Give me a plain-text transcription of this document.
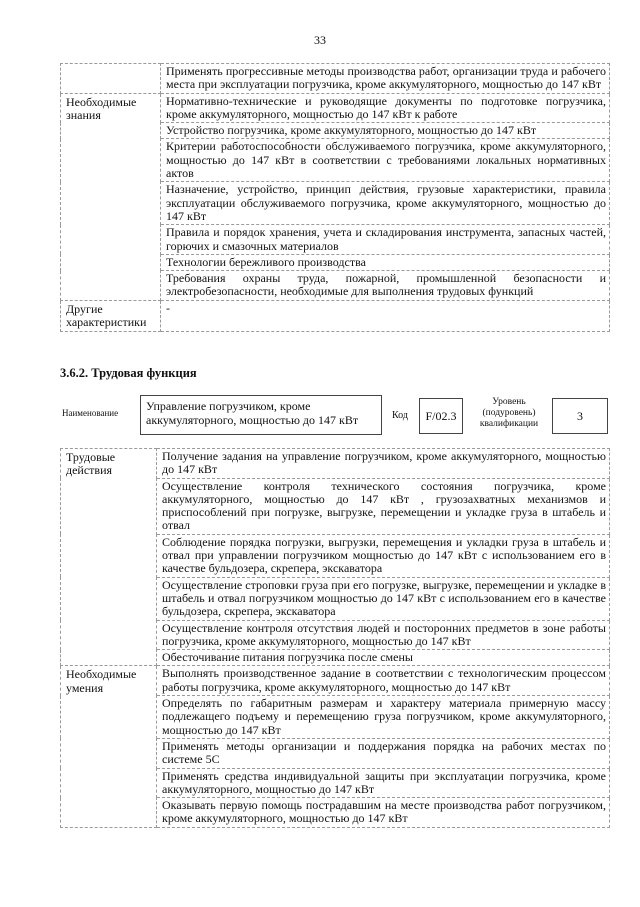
33
	Применять прогрессивные методы производства работ, организации труда и рабочего места при эксплуатации погрузчика, кроме аккумуляторного, мощностью до 147 кВт
Необходимые знания	Нормативно-технические и руководящие документы по подготовке погрузчика, кроме аккумуляторного, мощностью до 147 кВт к работе
	Устройство погрузчика, кроме аккумуляторного, мощностью до 147 кВт
	Критерии работоспособности обслуживаемого погрузчика, кроме аккумуляторного, мощностью до 147 кВт в соответствии с требованиями локальных нормативных актов
	Назначение, устройство, принцип действия, грузовые характеристики, правила эксплуатации обслуживаемого погрузчика, кроме аккумуляторного, мощностью до 147 кВт
	Правила и порядок хранения, учета и складирования инструмента, запасных частей, горючих и смазочных материалов
	Технологии бережливого производства
	Требования охраны труда, пожарной, промышленной безопасности и электробезопасности, необходимые для выполнения трудовых функций
Другие характеристики	-
3.6.2. Трудовая функция
Наименование	Управление погрузчиком, кроме аккумуляторного, мощностью до 147 кВт	Код	F/02.3
Уровень (подуровень) квалификации
3
Трудовые действия	Получение задания на управление погрузчиком, кроме аккумуляторного, мощностью до 147 кВт
	Осуществление контроля технического состояния погрузчика, кроме аккумуляторного, мощностью до 147 кВт , грузозахватных механизмов и приспособлений при погрузке, выгрузке, перемещении и укладке груза в штабель и отвал
	Соблюдение порядка погрузки, выгрузки, перемещения и укладки груза в штабель и отвал при управлении погрузчиком мощностью до 147 кВт с использованием его в качестве бульдозера, скрепера, экскаватора
	Осуществление строповки груза при его погрузке, выгрузке, перемещении и укладке в штабель и отвал погрузчиком мощностью до 147 кВт с использованием его в качестве бульдозера, скрепера, экскаватора
	Осуществление контроля отсутствия людей и посторонних предметов в зоне работы погрузчика, кроме аккумуляторного, мощностью до 147 кВт
	Обесточивание питания погрузчика после смены
Необходимые умения	Выполнять производственное задание в соответствии с технологическим процессом работы погрузчика, кроме аккумуляторного, мощностью до 147 кВт
	Определять по габаритным размерам и характеру материала примерную массу подлежащего подъему и перемещению груза погрузчиком, кроме аккумуляторного, мощностью до 147 кВт
	Применять методы организации и поддержания порядка на рабочих местах по системе 5С
	Применять средства индивидуальной защиты при эксплуатации погрузчика, кроме аккумуляторного, мощностью до 147 кВт
	Оказывать первую помощь пострадавшим на месте производства работ погрузчиком, кроме аккумуляторного, мощностью до 147 кВт
